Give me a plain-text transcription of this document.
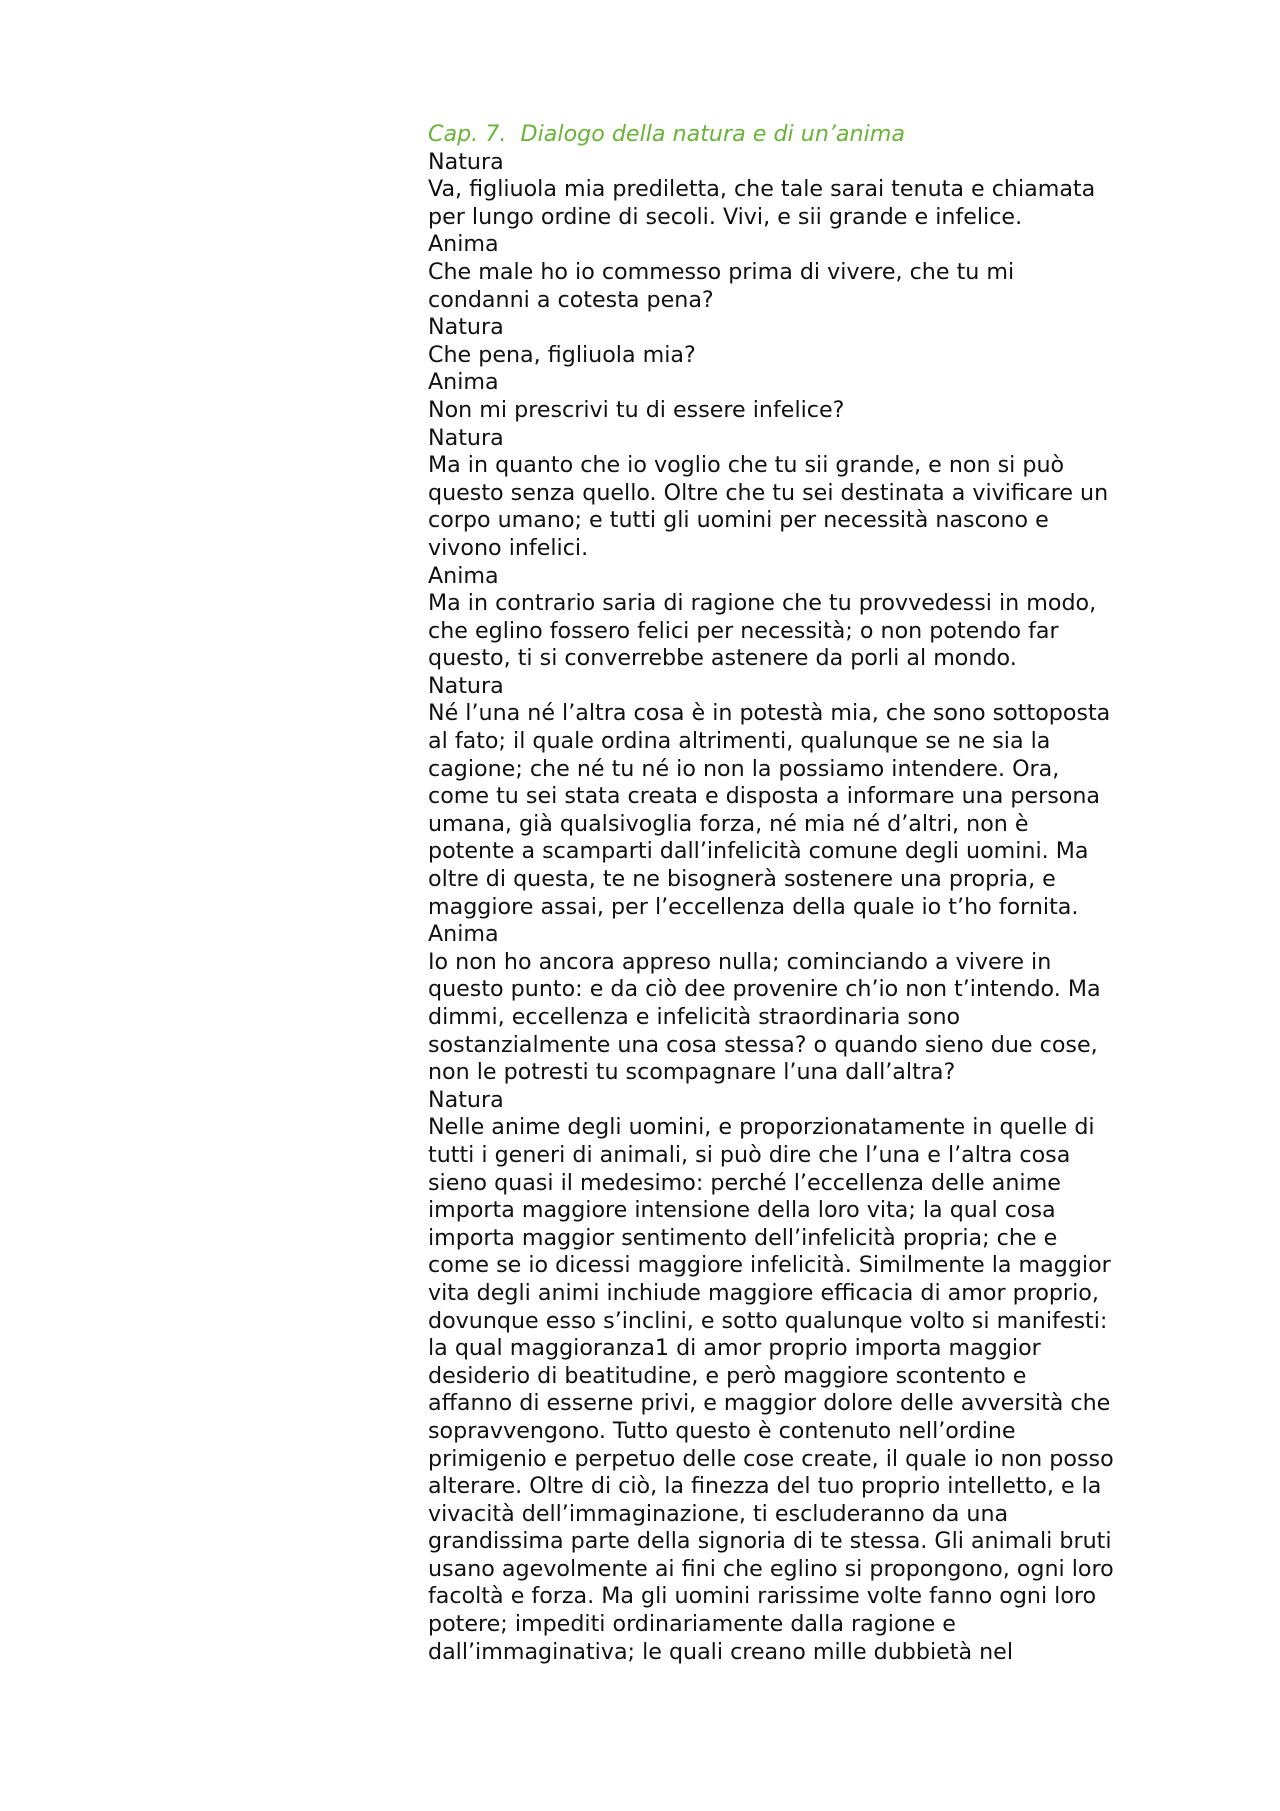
Cap. 7.  Dialogo della natura e di un’anima
Natura
Va, figliuola mia prediletta, che tale sarai tenuta e chiamata
per lungo ordine di secoli. Vivi, e sii grande e infelice.
Anima
Che male ho io commesso prima di vivere, che tu mi
condanni a cotesta pena?
Natura
Che pena, figliuola mia?
Anima
Non mi prescrivi tu di essere infelice?
Natura
Ma in quanto che io voglio che tu sii grande, e non si può
questo senza quello. Oltre che tu sei destinata a vivificare un
corpo umano; e tutti gli uomini per necessità nascono e
vivono infelici.
Anima
Ma in contrario saria di ragione che tu provvedessi in modo,
che eglino fossero felici per necessità; o non potendo far
questo, ti si converrebbe astenere da porli al mondo.
Natura
Né l’una né l’altra cosa è in potestà mia, che sono sottoposta
al fato; il quale ordina altrimenti, qualunque se ne sia la
cagione; che né tu né io non la possiamo intendere. Ora,
come tu sei stata creata e disposta a informare una persona
umana, già qualsivoglia forza, né mia né d’altri, non è
potente a scamparti dall’infelicità comune degli uomini. Ma
oltre di questa, te ne bisognerà sostenere una propria, e
maggiore assai, per l’eccellenza della quale io t’ho fornita.
Anima
Io non ho ancora appreso nulla; cominciando a vivere in
questo punto: e da ciò dee provenire ch’io non t’intendo. Ma
dimmi, eccellenza e infelicità straordinaria sono
sostanzialmente una cosa stessa? o quando sieno due cose,
non le potresti tu scompagnare l’una dall’altra?
Natura
Nelle anime degli uomini, e proporzionatamente in quelle di
tutti i generi di animali, si può dire che l’una e l’altra cosa
sieno quasi il medesimo: perché l’eccellenza delle anime
importa maggiore intensione della loro vita; la qual cosa
importa maggior sentimento dell’infelicità propria; che e
come se io dicessi maggiore infelicità. Similmente la maggior
vita degli animi inchiude maggiore efficacia di amor proprio,
dovunque esso s’inclini, e sotto qualunque volto si manifesti:
la qual maggioranza1 di amor proprio importa maggior
desiderio di beatitudine, e però maggiore scontento e
affanno di esserne privi, e maggior dolore delle avversità che
sopravvengono. Tutto questo è contenuto nell’ordine
primigenio e perpetuo delle cose create, il quale io non posso
alterare. Oltre di ciò, la finezza del tuo proprio intelletto, e la
vivacità dell’immaginazione, ti escluderanno da una
grandissima parte della signoria di te stessa. Gli animali bruti
usano agevolmente ai fini che eglino si propongono, ogni loro
facoltà e forza. Ma gli uomini rarissime volte fanno ogni loro
potere; impediti ordinariamente dalla ragione e
dall’immaginativa; le quali creano mille dubbietà nel
